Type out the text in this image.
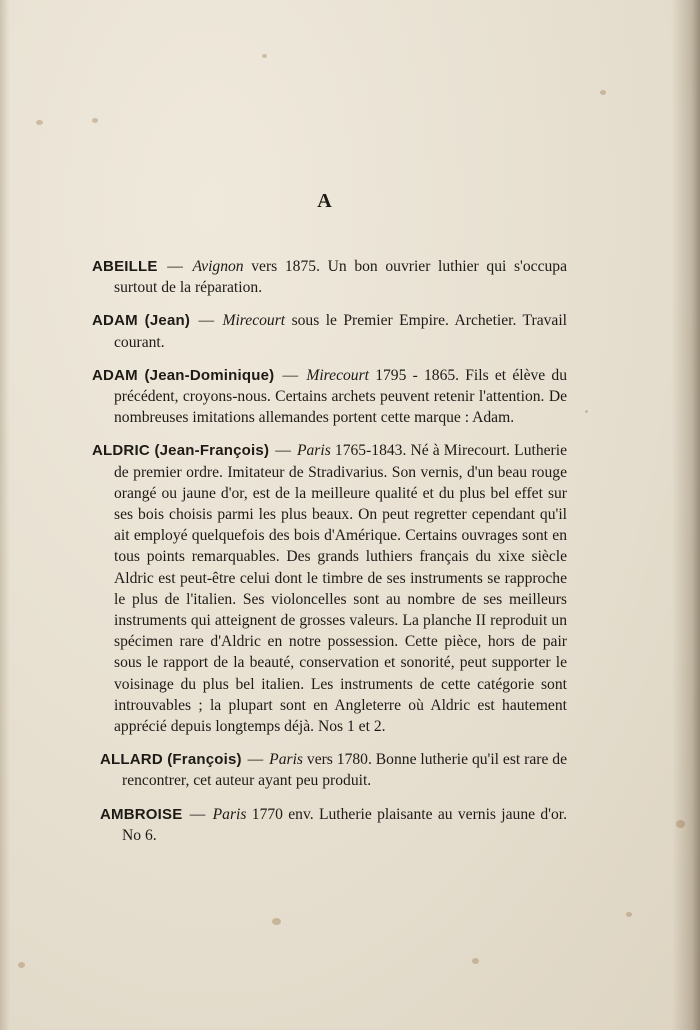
A

ABEILLE — Avignon vers 1875. Un bon ouvrier luthier qui s'occupa surtout de la réparation.

ADAM (Jean) — Mirecourt sous le Premier Empire. Archetier. Travail courant.

ADAM (Jean-Dominique) — Mirecourt 1795 - 1865. Fils et élève du précédent, croyons-nous. Certains archets peuvent retenir l'attention. De nombreuses imitations allemandes portent cette marque : Adam.

ALDRIC (Jean-François) — Paris 1765-1843. Né à Mirecourt. Lutherie de premier ordre. Imitateur de Stradivarius. Son vernis, d'un beau rouge orangé ou jaune d'or, est de la meilleure qualité et du plus bel effet sur ses bois choisis parmi les plus beaux. On peut regretter cependant qu'il ait employé quelquefois des bois d'Amérique. Certains ouvrages sont en tous points remarquables. Des grands luthiers français du xixe siècle Aldric est peut-être celui dont le timbre de ses instruments se rapproche le plus de l'italien. Ses violoncelles sont au nombre de ses meilleurs instruments qui atteignent de grosses valeurs. La planche II reproduit un spécimen rare d'Aldric en notre possession. Cette pièce, hors de pair sous le rapport de la beauté, conservation et sonorité, peut supporter le voisinage du plus bel italien. Les instruments de cette catégorie sont introuvables ; la plupart sont en Angleterre où Aldric est hautement apprécié depuis longtemps déjà. Nos 1 et 2.

ALLARD (François) — Paris vers 1780. Bonne lutherie qu'il est rare de rencontrer, cet auteur ayant peu produit.

AMBROISE — Paris 1770 env. Lutherie plaisante au vernis jaune d'or. No 6.
